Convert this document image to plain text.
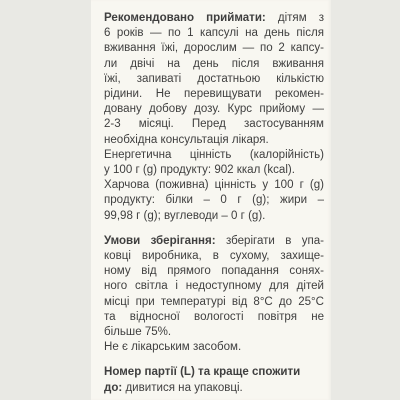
Рекомендовано приймати: дітям з
6 років — по 1 капсулі на день після
вживання їжі, дорослим — по 2 капсу-
ли двічі на день після вживання
їжі, запиваті достатньою кількістю
рідини. Не перевищувати рекомен-
довану добову дозу. Курс прийому —
2-3 місяці. Перед застосуванням
необхідна консультація лікаря.
Енергетична цінність (калорійність)
у 100 г (g) продукту: 902 ккал (kcal).
Харчова (поживна) цінність у 100 г (g)
продукту: білки – 0 г (g); жири –
99,98 г (g); вуглеводи – 0 г (g).
Умови зберігання: зберігати в упа-
ковці виробника, в сухому, захище-
ному від прямого попадання сонях-
ного світла і недоступному для дітей
місці при температурі від 8°C до 25°C
та відносної вологості повітря не
більше 75%.
Не є лікарським засобом.
Номер партії (L) та краще спожити
до: дивитися на упаковці.
